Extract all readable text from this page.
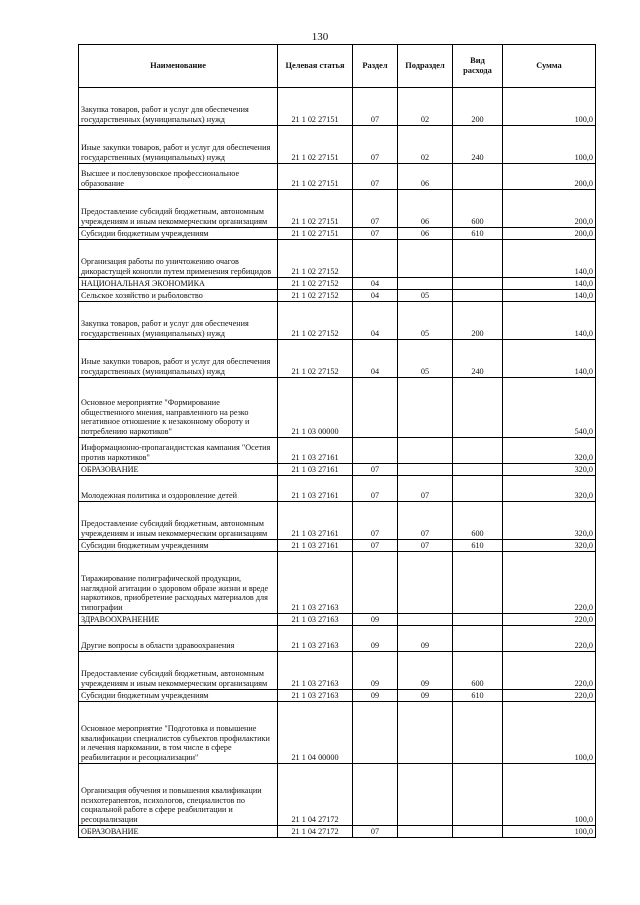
130
Наименование	Целевая статья	Раздел	Подраздел	Вид расхода	Сумма
Закупка товаров, работ и услуг для обеспечения государственных (муниципальных) нужд	21 1 02 27151	07	02	200	100,0
Иные закупки товаров, работ и услуг для обеспечения государственных (муниципальных) нужд	21 1 02 27151	07	02	240	100,0
Высшее и послевузовское профессиональное образование	21 1 02 27151	07	06		200,0
Предоставление субсидий бюджетным, автономным учреждениям и иным некоммерческим организациям	21 1 02 27151	07	06	600	200,0
Субсидии бюджетным учреждениям	21 1 02 27151	07	06	610	200,0
Организация работы по уничтожению очагов дикорастущей конопли путем применения гербицидов	21 1 02 27152				140,0
НАЦИОНАЛЬНАЯ ЭКОНОМИКА	21 1 02 27152	04			140,0
Сельское хозяйство и рыболовство	21 1 02 27152	04	05		140,0
Закупка товаров, работ и услуг для обеспечения государственных (муниципальных) нужд	21 1 02 27152	04	05	200	140,0
Иные закупки товаров, работ и услуг для обеспечения государственных (муниципальных) нужд	21 1 02 27152	04	05	240	140,0
Основное мероприятие "Формирование общественного мнения, направленного на резко негативное отношение к незаконному обороту и потреблению наркотиков"	21 1 03 00000				540,0
Информационно-пропагандистская кампания "Осетия против наркотиков"	21 1 03 27161				320,0
ОБРАЗОВАНИЕ	21 1 03 27161	07			320,0
Молодежная политика и оздоровление детей	21 1 03 27161	07	07		320,0
Предоставление субсидий бюджетным, автономным учреждениям и иным некоммерческим организациям	21 1 03 27161	07	07	600	320,0
Субсидии бюджетным учреждениям	21 1 03 27161	07	07	610	320,0
Тиражирование полиграфической продукции, наглядной агитации о здоровом образе жизни и вреде наркотиков, приобретение расходных материалов для типографии	21 1 03 27163				220,0
ЗДРАВООХРАНЕНИЕ	21 1 03 27163	09			220,0
Другие вопросы в области здравоохранения	21 1 03 27163	09	09		220,0
Предоставление субсидий бюджетным, автономным учреждениям и иным некоммерческим организациям	21 1 03 27163	09	09	600	220,0
Субсидии бюджетным учреждениям	21 1 03 27163	09	09	610	220,0
Основное мероприятие "Подготовка и повышение квалификации специалистов субъектов профилактики и лечения наркомании, в том числе в сфере реабилитации и ресоциализации"	21 1 04 00000				100,0
Организация обучения и повышения квалификации психотерапевтов, психологов, специалистов по социальной работе в сфере реабилитации и ресоциализации	21 1 04 27172				100,0
ОБРАЗОВАНИЕ	21 1 04 27172	07			100,0
